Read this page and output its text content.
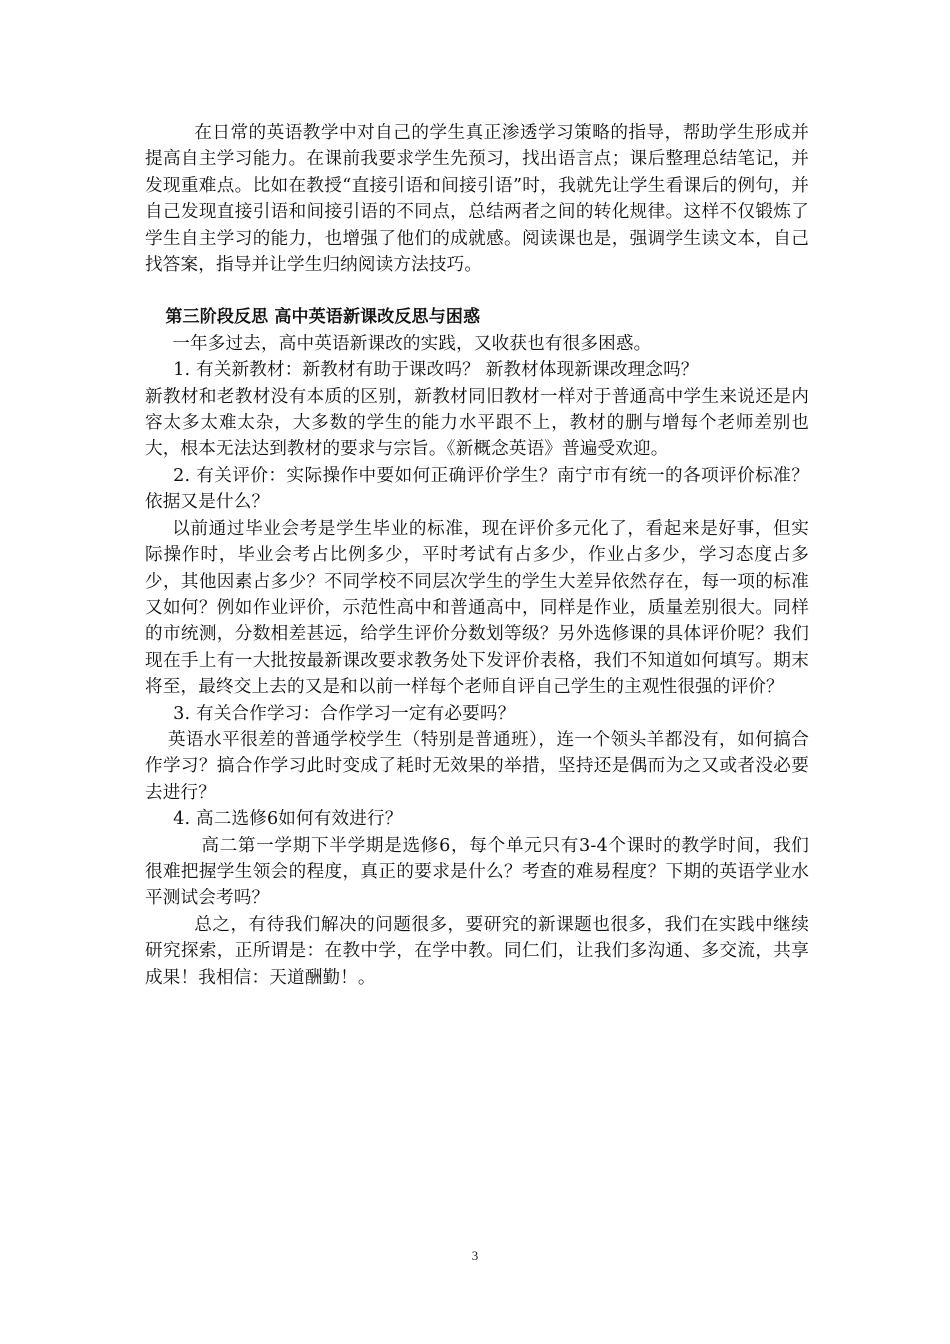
在日常的英语教学中对自己的学生真正渗透学习策略的指导，帮助学生形成并提高自主学习能力。在课前我要求学生先预习，找出语言点；课后整理总结笔记，并发现重难点。比如在教授“直接引语和间接引语”时，我就先让学生看课后的例句，并自己发现直接引语和间接引语的不同点，总结两者之间的转化规律。这样不仅锻炼了学生自主学习的能力，也增强了他们的成就感。阅读课也是，强调学生读文本，自己找答案，指导并让学生归纳阅读方法技巧。

第三阶段反思 高中英语新课改反思与困惑

一年多过去，高中英语新课改的实践，又收获也有很多困惑。

1. 有关新教材：新教材有助于课改吗？ 新教材体现新课改理念吗？

新教材和老教材没有本质的区别，新教材同旧教材一样对于普通高中学生来说还是内容太多太难太杂，大多数的学生的能力水平跟不上，教材的删与增每个老师差别也大，根本无法达到教材的要求与宗旨。《新概念英语》普遍受欢迎。

2. 有关评价：实际操作中要如何正确评价学生？南宁市有统一的各项评价标准？ 依据又是什么？

以前通过毕业会考是学生毕业的标准，现在评价多元化了，看起来是好事，但实际操作时，毕业会考占比例多少，平时考试有占多少，作业占多少，学习态度占多少，其他因素占多少？不同学校不同层次学生的学生大差异依然存在，每一项的标准又如何？例如作业评价，示范性高中和普通高中，同样是作业，质量差别很大。同样的市统测，分数相差甚远，给学生评价分数划等级？另外选修课的具体评价呢？我们现在手上有一大批按最新课改要求教务处下发评价表格，我们不知道如何填写。期末将至，最终交上去的又是和以前一样每个老师自评自己学生的主观性很强的评价？

3. 有关合作学习：合作学习一定有必要吗？

英语水平很差的普通学校学生（特别是普通班），连一个领头羊都没有，如何搞合作学习？搞合作学习此时变成了耗时无效果的举措，坚持还是偶而为之又或者没必要去进行？

4. 高二选修6如何有效进行？

高二第一学期下半学期是选修6，每个单元只有3-4个课时的教学时间，我们很难把握学生领会的程度，真正的要求是什么？考查的难易程度？下期的英语学业水平测试会考吗？

总之，有待我们解决的问题很多，要研究的新课题也很多，我们在实践中继续研究探索，正所谓是：在教中学，在学中教。同仁们，让我们多沟通、多交流，共享成果！我相信：天道酬勤！。

3
